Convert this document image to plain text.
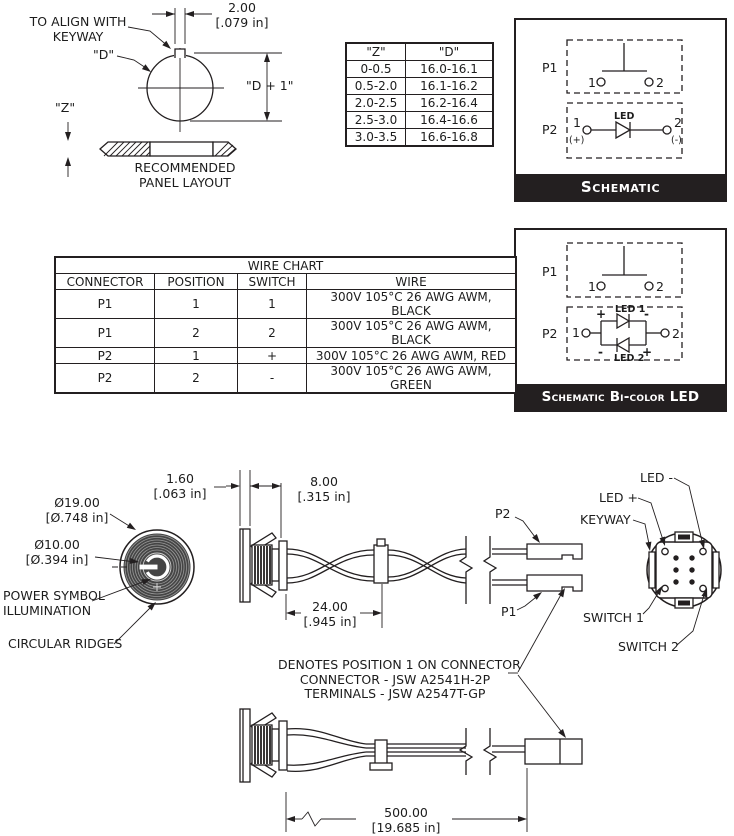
2.00
[.079 in]
TO ALIGN WITH
KEYWAY
"D"
"D + 1"
"Z"
RECOMMENDED
PANEL LAYOUT
"Z"	"D"
0-0.5	16.0-16.1
0.5-2.0	16.1-16.2
2.0-2.5	16.2-16.4
2.5-3.0	16.4-16.6
3.0-3.5	16.6-16.8
P1
1	2
P2 1
(+)
LED	2
(-)
Schematic
P1
1	2
P2 1	2
LED 1
LED 2
+	-
-	+
Schematic Bi-color LED
WIRE CHART			
CONNECTOR	POSITION	SWITCH	WIRE
P1	1	1	300V 105°C 26 AWG AWM, BLACK
P1	2	2	300V 105°C 26 AWG AWM, BLACK
P2	1	+	300V 105°C 26 AWG AWM, RED
P2	2	-	300V 105°C 26 AWG AWM, GREEN
Ø19.00
[Ø.748 in]
Ø10.00
[Ø.394 in]
POWER SYMBOL
ILLUMINATION
CIRCULAR RIDGES
1.60
[.063 in]
8.00
[.315 in]
24.00
[.945 in]
P2
P1
LED -
LED +
KEYWAY
SWITCH 1
SWITCH 2
DENOTES POSITION 1 ON CONNECTOR
CONNECTOR - JSW A2541H-2P
TERMINALS - JSW A2547T-GP
500.00
[19.685 in]
